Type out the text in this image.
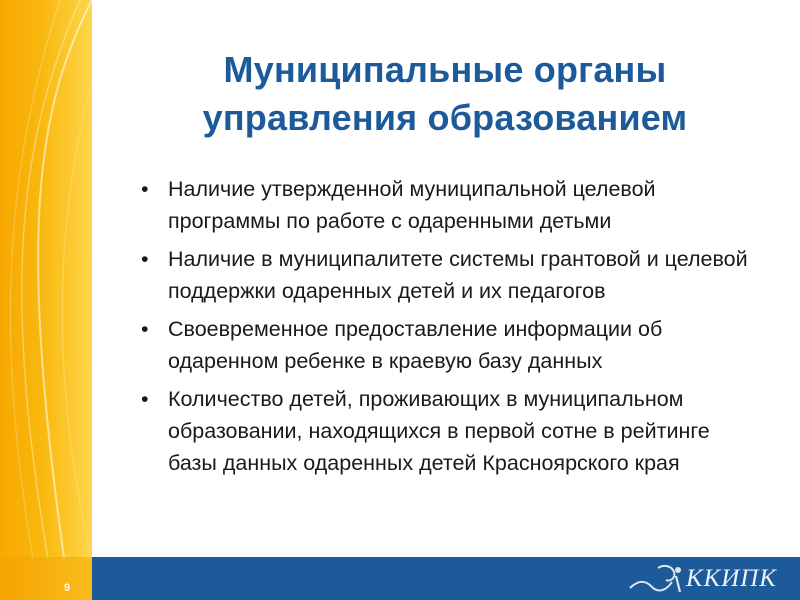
Муниципальные органы
управления образованием
• Наличие утвержденной муниципальной целевой программы по работе с одаренными детьми
• Наличие в муниципалитете системы грантовой и целевой поддержки одаренных детей и их педагогов
• Своевременное предоставление информации об одаренном ребенке в краевую базу данных
• Количество детей, проживающих в муниципальном образовании, находящихся в первой сотне в рейтинге базы данных одаренных детей Красноярского края
9	ККИПК
